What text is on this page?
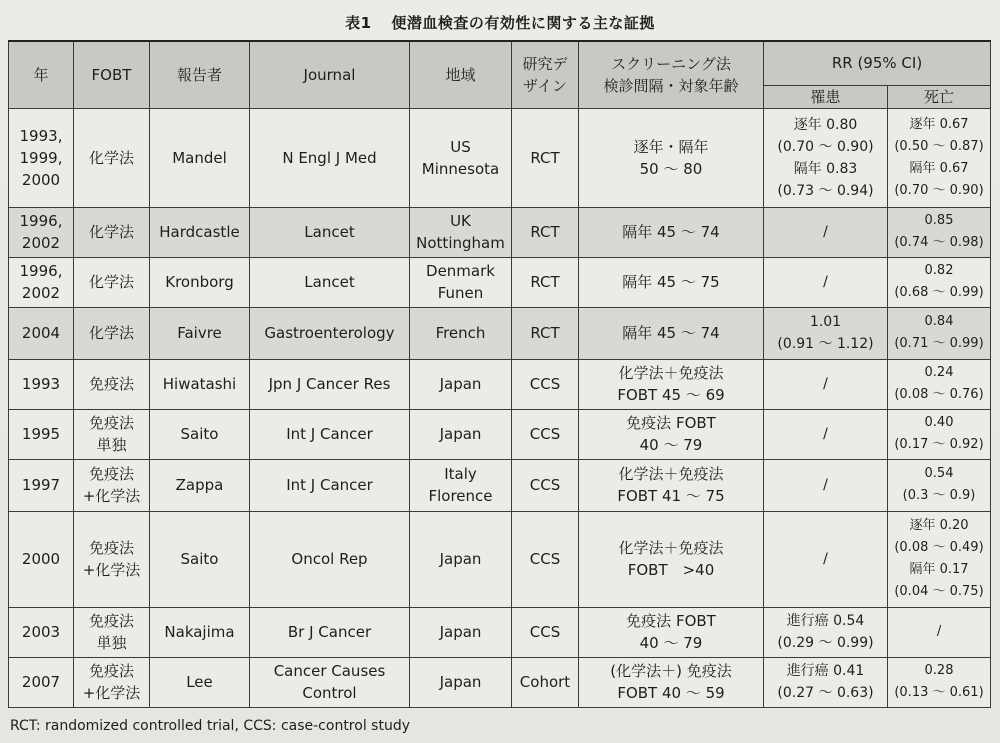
表1 便潜血検査の有効性に関する主な証拠
年	FOBT	報告者	Journal	地域	研究デ
ザイン	スクリーニング法
検診間隔・対象年齢	RR (95% CI)	
							罹患	死亡

1993,
1999,
2000	化学法	Mandel	N Engl J Med	US
Minnesota	RCT	逐年・隔年
50 ～ 80	逐年 0.80
(0.70 ～ 0.90)
隔年 0.83
(0.73 ～ 0.94)	逐年 0.67
(0.50 ～ 0.87)
隔年 0.67
(0.70 ～ 0.90)

1996,
2002	化学法	Hardcastle	Lancet	UK
Nottingham	RCT	隔年 45 ～ 74	/	0.85
(0.74 ～ 0.98)

1996,
2002	化学法	Kronborg	Lancet	Denmark
Funen	RCT	隔年 45 ～ 75	/	0.82
(0.68 ～ 0.99)

2004	化学法	Faivre	Gastroenterology	French	RCT	隔年 45 ～ 74	1.01
(0.91 ～ 1.12)	0.84
(0.71 ～ 0.99)

1993	免疫法	Hiwatashi	Jpn J Cancer Res	Japan	CCS	化学法＋免疫法
FOBT 45 ～ 69	/	0.24
(0.08 ～ 0.76)

1995	免疫法
単独	Saito	Int J Cancer	Japan	CCS	免疫法 FOBT
40 ～ 79	/	0.40
(0.17 ～ 0.92)

1997	免疫法
+化学法	Zappa	Int J Cancer	Italy
Florence	CCS	化学法＋免疫法
FOBT 41 ～ 75	/	0.54
(0.3 ～ 0.9)

2000	免疫法
+化学法	Saito	Oncol Rep	Japan	CCS	化学法＋免疫法
FOBT　>40	/	逐年 0.20
(0.08 ～ 0.49)
隔年 0.17
(0.04 ～ 0.75)

2003	免疫法
単独	Nakajima	Br J Cancer	Japan	CCS	免疫法 FOBT
40 ～ 79	進行癌 0.54
(0.29 ～ 0.99)	/

2007	免疫法
+化学法	Lee	Cancer Causes
Control	Japan	Cohort	(化学法＋) 免疫法
FOBT 40 ～ 59	進行癌 0.41
(0.27 ～ 0.63)	0.28
(0.13 ～ 0.61)
RCT: randomized controlled trial, CCS: case-control study
